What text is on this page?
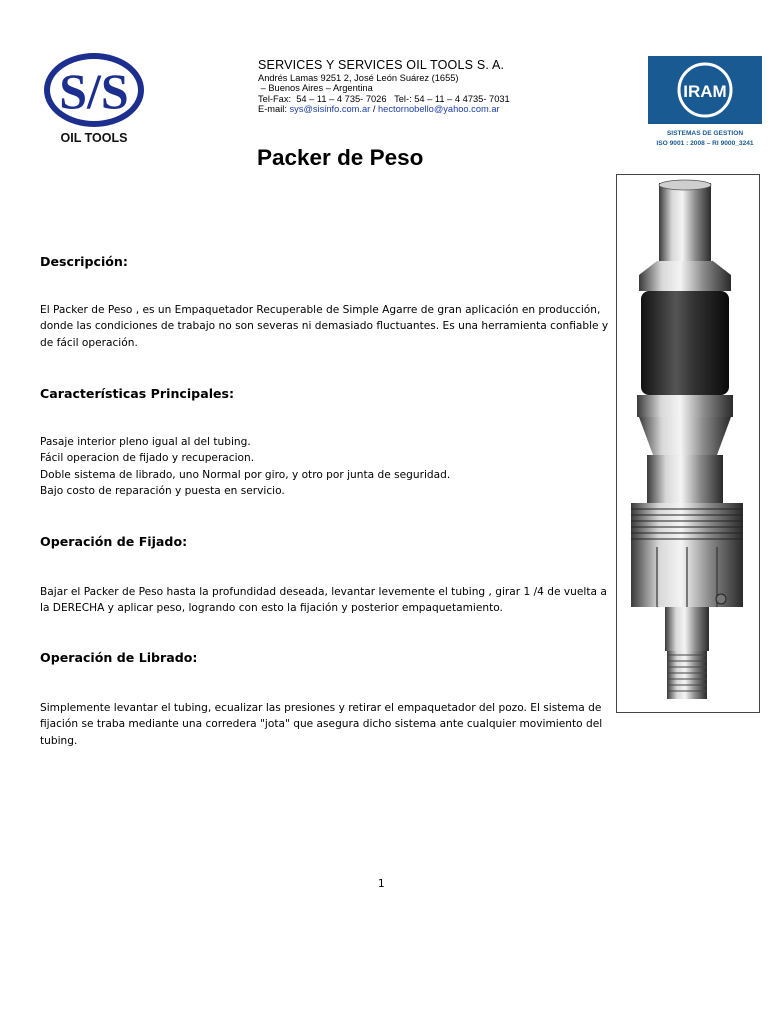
S/S
OIL TOOLS
SERVICES Y SERVICES OIL TOOLS S. A.
Andrés Lamas 9251 2, José León Suárez (1655)
– Buenos Aires – Argentina
Tel-Fax:  54 – 11 – 4 735- 7026   Tel-: 54 – 11 – 4 4735- 7031
E-mail: sys@sisinfo.com.ar / hectornobello@yahoo.com.ar
IRAM
SISTEMAS DE GESTION
ISO 9001 : 2008 – RI 9000_3241
Packer de Peso
Descripción:
El Packer de Peso , es un Empaquetador Recuperable de Simple Agarre de gran aplicación en producción,
donde las condiciones de trabajo no son severas ni demasiado fluctuantes. Es una herramienta confiable y
de fácil operación.
Características Principales:
Pasaje interior pleno igual al del tubing.
Fácil operacion de fijado y recuperacion.
Doble sistema de librado, uno Normal por giro, y otro por junta de seguridad.
Bajo costo de reparación y puesta en servicio.
Operación de Fijado:
Bajar el Packer de Peso hasta la profundidad deseada, levantar levemente el tubing , girar 1 /4 de vuelta a
la DERECHA y aplicar peso, logrando con esto la fijación y posterior empaquetamiento.
Operación de Librado:
Simplemente levantar el tubing, ecualizar las presiones y retirar el empaquetador del pozo. El sistema de
fijación se traba mediante una corredera "jota" que asegura dicho sistema ante cualquier movimiento del
tubing.
1
